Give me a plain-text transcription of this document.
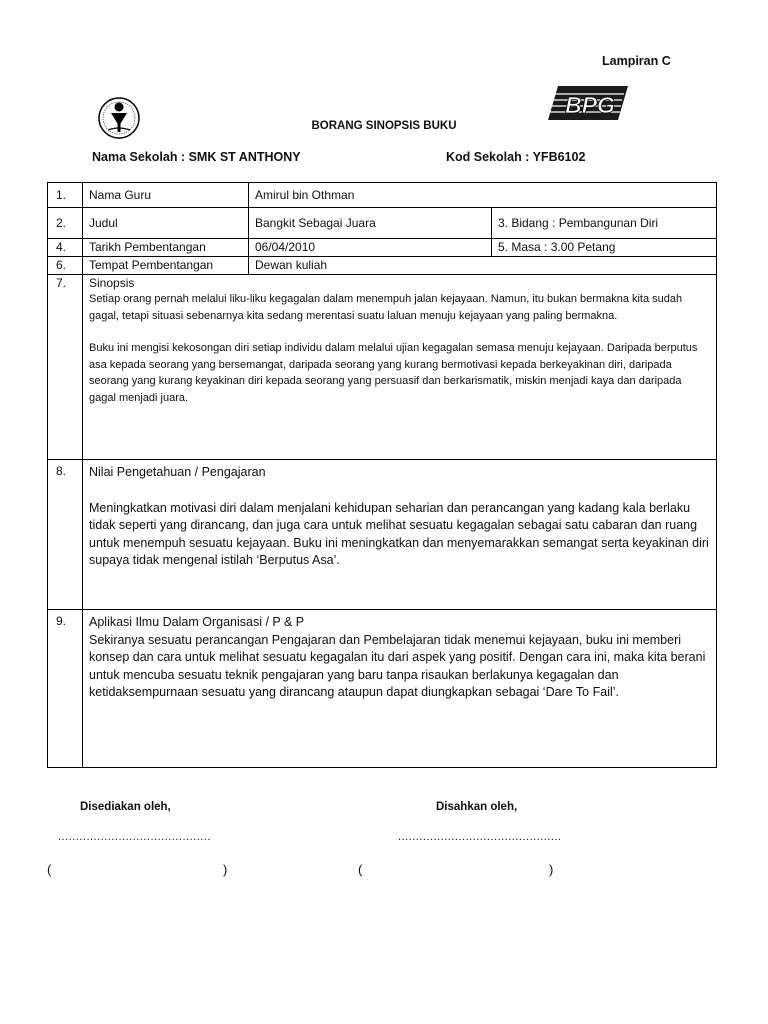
Lampiran C
BPG
BORANG SINOPSIS BUKU
Nama Sekolah : SMK ST ANTHONY	Kod Sekolah : YFB6102
1.	Nama Guru	Amirul bin Othman	
2.	Judul	Bangkit Sebagai Juara	3. Bidang : Pembangunan Diri
4.	Tarikh Pembentangan	06/04/2010	5. Masa : 3.00 Petang
6.	Tempat Pembentangan	Dewan kuliah	
7.	Sinopsis

Setiap orang pernah melalui liku-liku kegagalan dalam menempuh jalan kejayaan. Namun, itu bukan bermakna kita sudah gagal, tetapi situasi sebenarnya kita sedang merentasi suatu laluan menuju kejayaan yang paling bermakna.

Buku ini mengisi kekosongan diri setiap individu dalam melalui ujian kegagalan semasa menuju kejayaan. Daripada berputus asa kepada seorang yang bersemangat, daripada seorang yang kurang bermotivasi kepada berkeyakinan diri, daripada seorang yang kurang keyakinan diri kepada seorang yang persuasif dan berkarismatik, miskin menjadi kaya dan daripada gagal menjadi juara.		

8.	Nilai Pengetahuan / Pengajaran

Meningkatkan motivasi diri dalam menjalani kehidupan seharian dan perancangan yang kadang kala berlaku tidak seperti yang dirancang, dan juga cara untuk melihat sesuatu kegagalan sebagai satu cabaran dan ruang untuk menempuh sesuatu kejayaan. Buku ini meningkatkan dan menyemarakkan semangat serta keyakinan diri supaya tidak mengenal istilah ‘Berputus Asa’.		

9.	Aplikasi Ilmu Dalam Organisasi / P & P

Sekiranya sesuatu perancangan Pengajaran dan Pembelajaran tidak menemui kejayaan, buku ini memberi konsep dan cara untuk melihat sesuatu kegagalan itu dari aspek yang positif. Dengan cara ini, maka kita berani untuk mencuba sesuatu teknik pengajaran yang baru tanpa risaukan berlakunya kegagalan dan ketidaksempurnaan sesuatu yang dirancang ataupun dapat diungkapkan sebagai ‘Dare To Fail’.		

Disediakan oleh,	Disahkan oleh,
...........................................	..............................................
(	)	(	)
